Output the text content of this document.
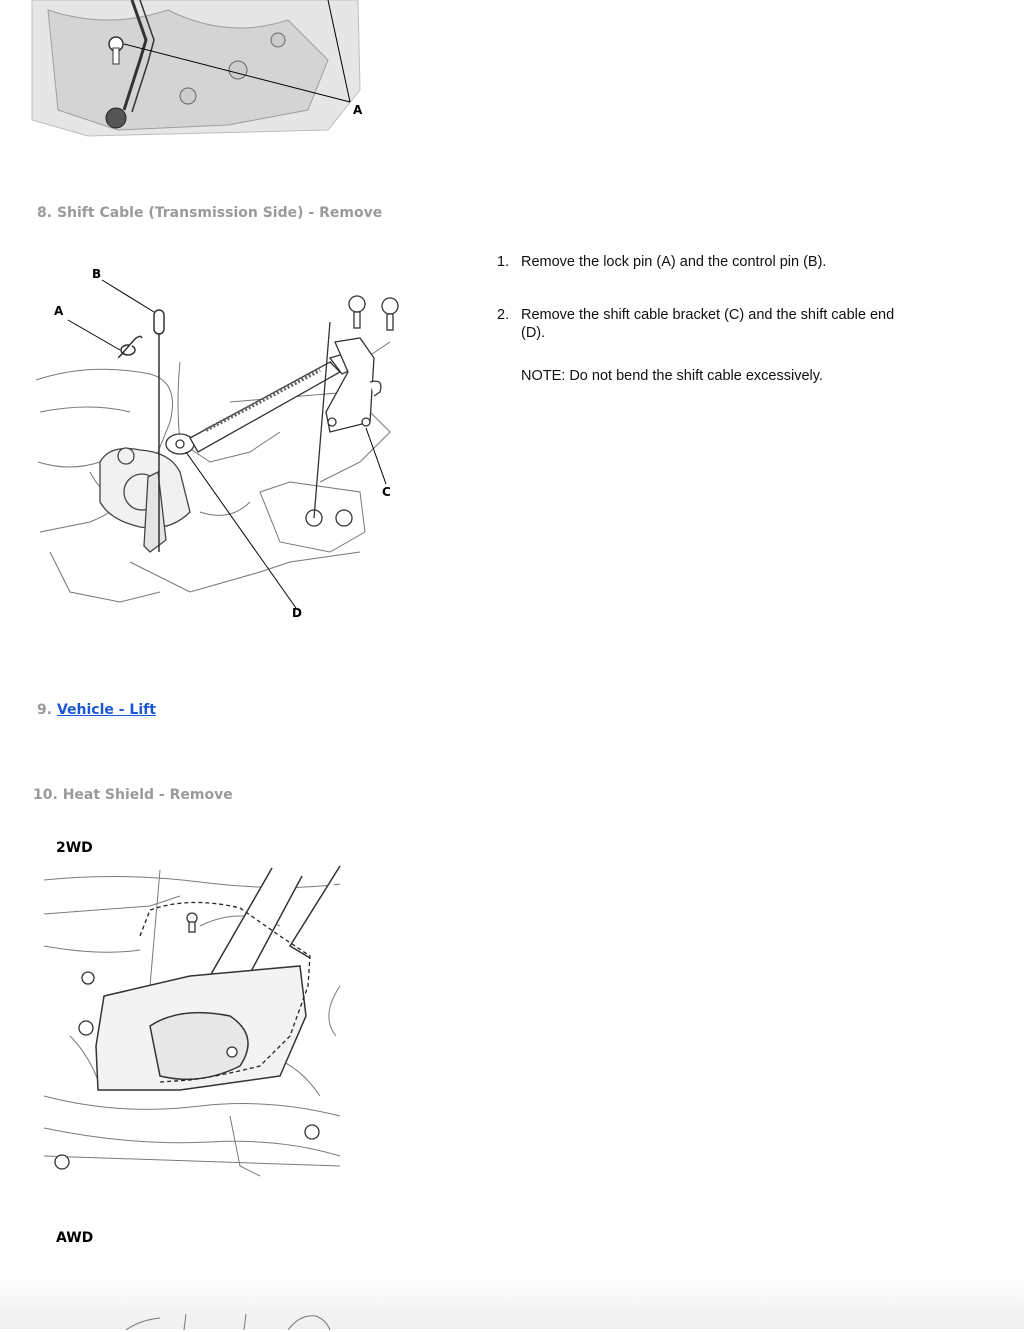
A
8. Shift Cable (Transmission Side) - Remove
B
A
C
D
1. Remove the lock pin (A) and the control pin (B).
2. Remove the shift cable bracket (C) and the shift cable end (D).
NOTE: Do not bend the shift cable excessively.
9. Vehicle - Lift
10. Heat Shield - Remove
2WD
AWD
